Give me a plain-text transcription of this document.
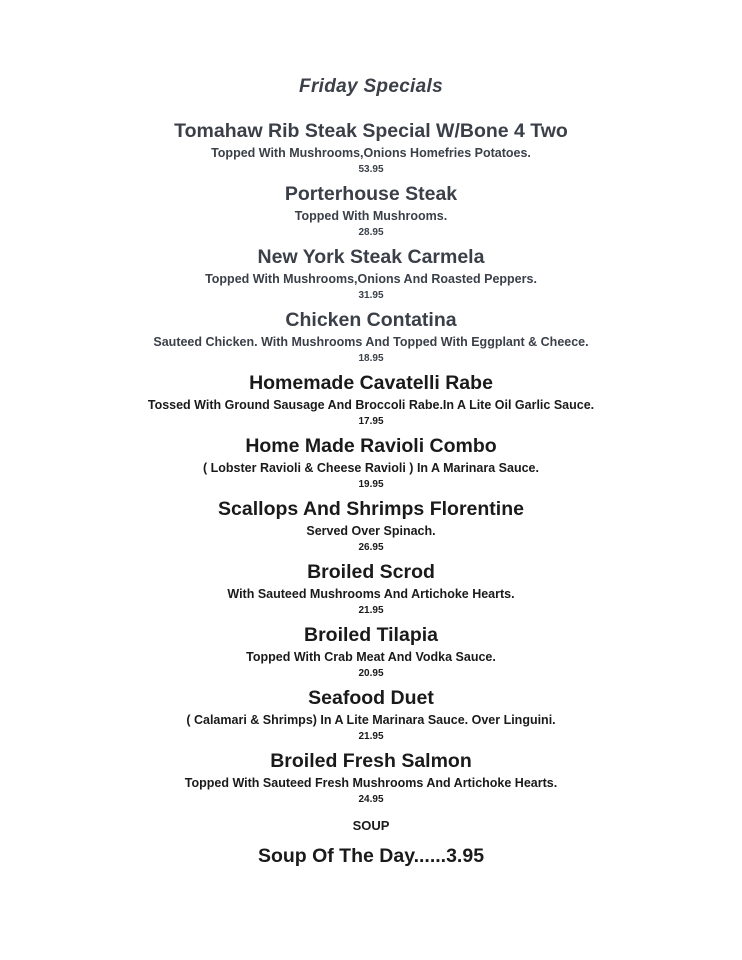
Friday Specials
Tomahaw Rib Steak Special W/Bone 4 Two
Topped With Mushrooms,Onions Homefries Potatoes.
53.95
Porterhouse Steak
Topped With Mushrooms.
28.95
New York Steak Carmela
Topped With Mushrooms,Onions And Roasted Peppers.
31.95
Chicken Contatina
Sauteed Chicken. With Mushrooms And Topped With Eggplant & Cheece.
18.95
Homemade Cavatelli Rabe
Tossed With Ground Sausage And Broccoli Rabe.In A Lite Oil Garlic Sauce.
17.95
Home Made Ravioli Combo
( Lobster Ravioli & Cheese Ravioli ) In A Marinara Sauce.
19.95
Scallops And Shrimps Florentine
Served Over Spinach.
26.95
Broiled Scrod
With Sauteed Mushrooms And Artichoke Hearts.
21.95
Broiled Tilapia
Topped With Crab Meat And Vodka Sauce.
20.95
Seafood Duet
( Calamari & Shrimps) In A Lite Marinara Sauce. Over Linguini.
21.95
Broiled Fresh Salmon
Topped With Sauteed Fresh Mushrooms And Artichoke Hearts.
24.95
SOUP
Soup Of The Day......3.95
